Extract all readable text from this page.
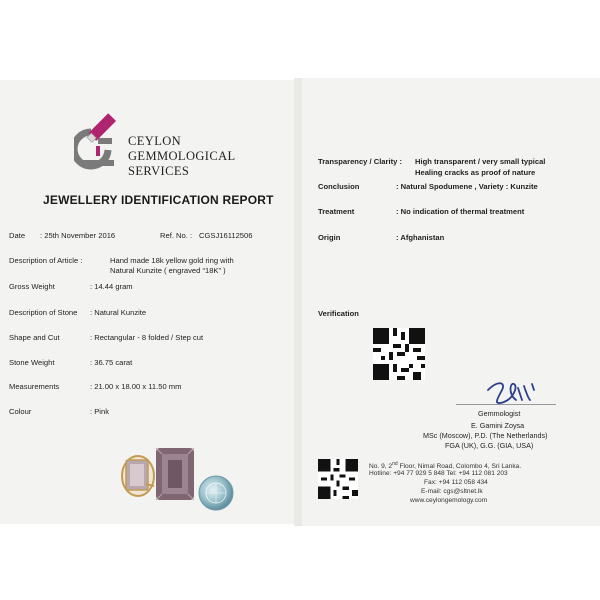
CEYLON
GEMMOLOGICAL
SERVICES
JEWELLERY IDENTIFICATION REPORT
Date : 25th November 2016	Ref. No. : CGSJ16112506
Description of Article :	Hand made 18k yellow gold ring with
Natural Kunzite ( engraved “18K” )
Gross Weight	: 14.44 gram
Description of Stone : Natural Kunzite
Shape and Cut	: Rectangular - 8 folded / Step cut
Stone Weight	: 36.75 carat
Measurements	: 21.00 x 18.00 x 11.50 mm
Colour	: Pink
Transparency / Clarity : High transparent / very small typical
Healing cracks as proof of nature
Conclusion	: Natural Spodumene , Variety : Kunzite
Treatment	: No indication of thermal treatment
Origin	: Afghanistan
Verification
Gemmologist
E. Gamini Zoysa
MSc (Moscow), P.D. (The Netherlands)
FGA (UK), G.G. (GIA, USA)
No. 9, 2nd Floor, Nimal Road, Colombo 4, Sri Lanka.
Hotline: +94 77 929 5 848 Tel: +94 112 081 203
Fax: +94 112 058 434
E-mail: cgs@sltnet.lk
www.ceylongemology.com
